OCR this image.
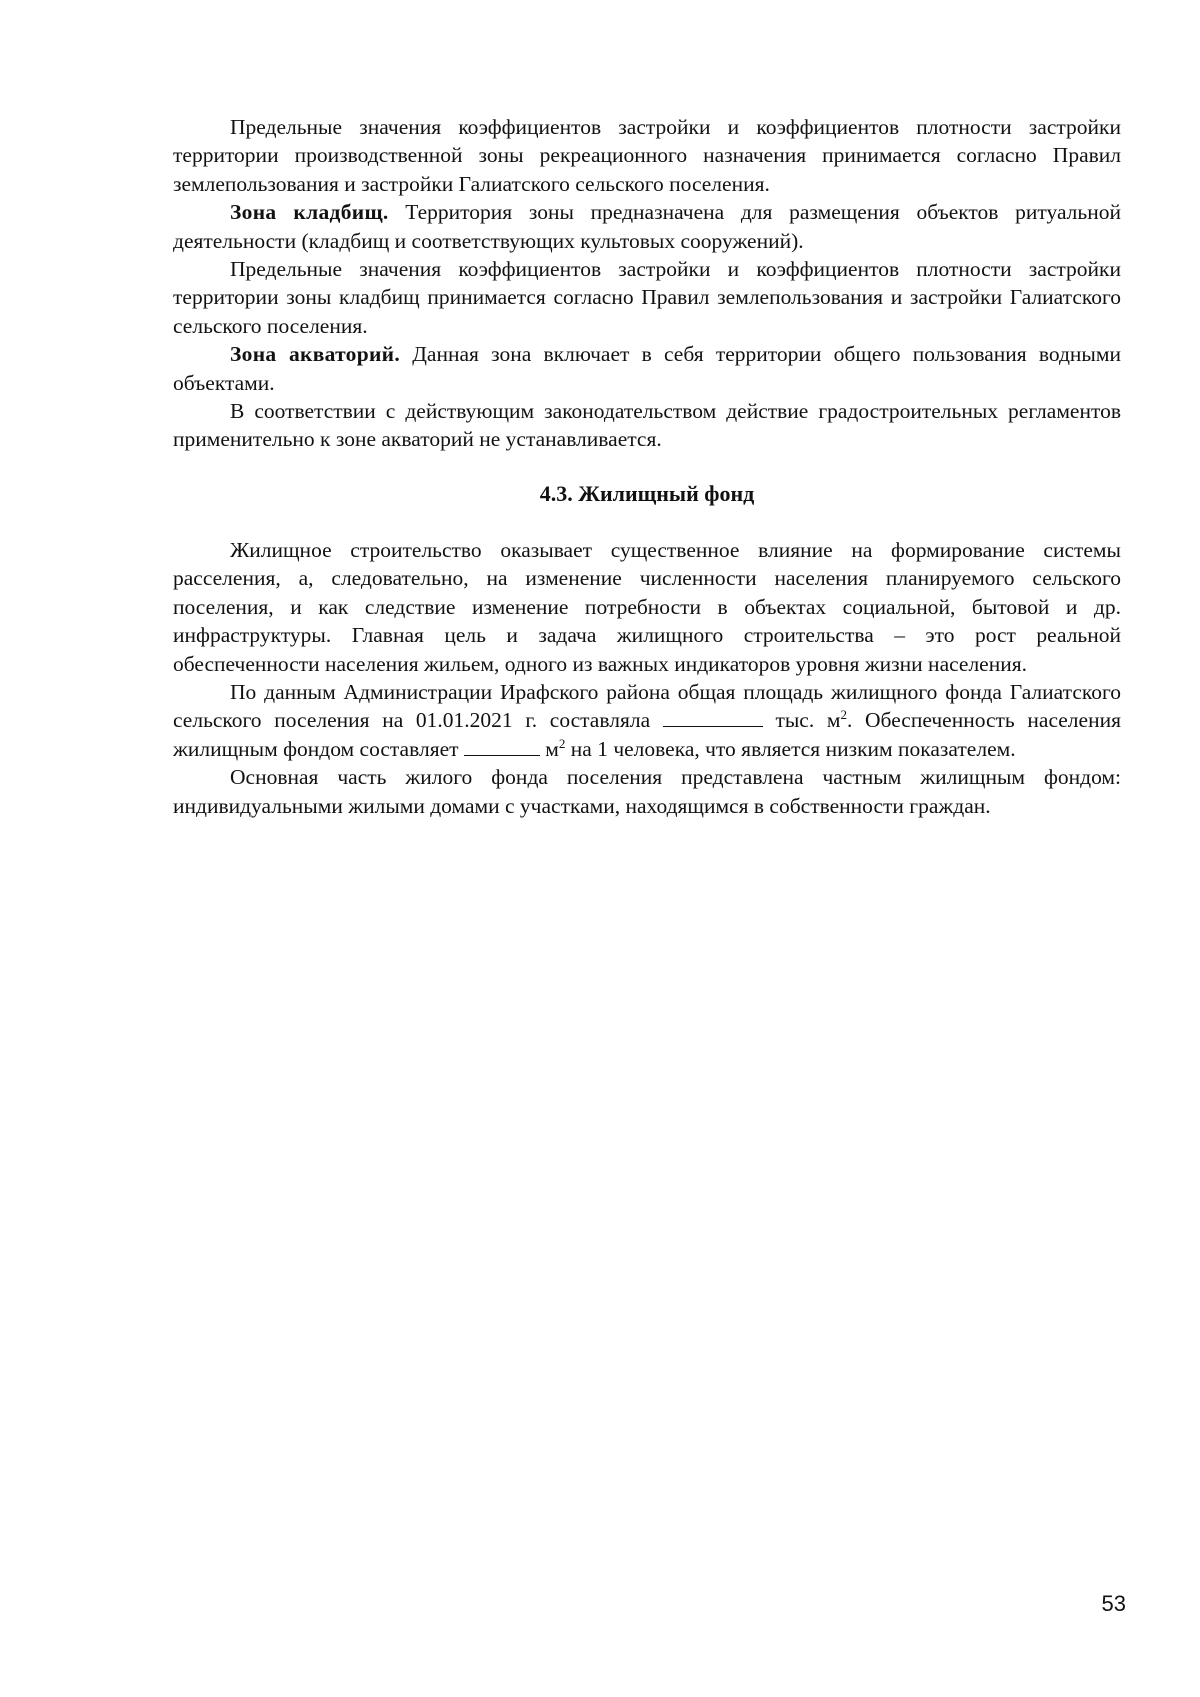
Предельные значения коэффициентов застройки и коэффициентов плотности застройки территории производственной зоны рекреационного назначения принимается согласно Правил землепользования и застройки Галиатского сельского поселения.

Зона кладбищ. Территория зоны предназначена для размещения объектов ритуальной деятельности (кладбищ и соответствующих культовых сооружений).

Предельные значения коэффициентов застройки и коэффициентов плотности застройки территории зоны кладбищ принимается согласно Правил землепользования и застройки Галиатского сельского поселения.

Зона акваторий. Данная зона включает в себя территории общего пользования водными объектами.

В соответствии с действующим законодательством действие градостроительных регламентов применительно к зоне акваторий не устанавливается.

4.3. Жилищный фонд

Жилищное строительство оказывает существенное влияние на формирование системы расселения, а, следовательно, на изменение численности населения планируемого сельского поселения, и как следствие изменение потребности в объектах социальной, бытовой и др. инфраструктуры. Главная цель и задача жилищного строительства – это рост реальной обеспеченности населения жильем, одного из важных индикаторов уровня жизни населения.

По данным Администрации Ирафского района общая площадь жилищного фонда Галиатского сельского поселения на 01.01.2021 г. составляла	тыс. $м^2$. Обеспеченность населения жилищным фондом составляет	$м^2$ на 1 человека, что является низким показателем.

Основная часть жилого фонда поселения представлена частным жилищным фондом: индивидуальными жилыми домами с участками, находящимся в собственности граждан.

53
